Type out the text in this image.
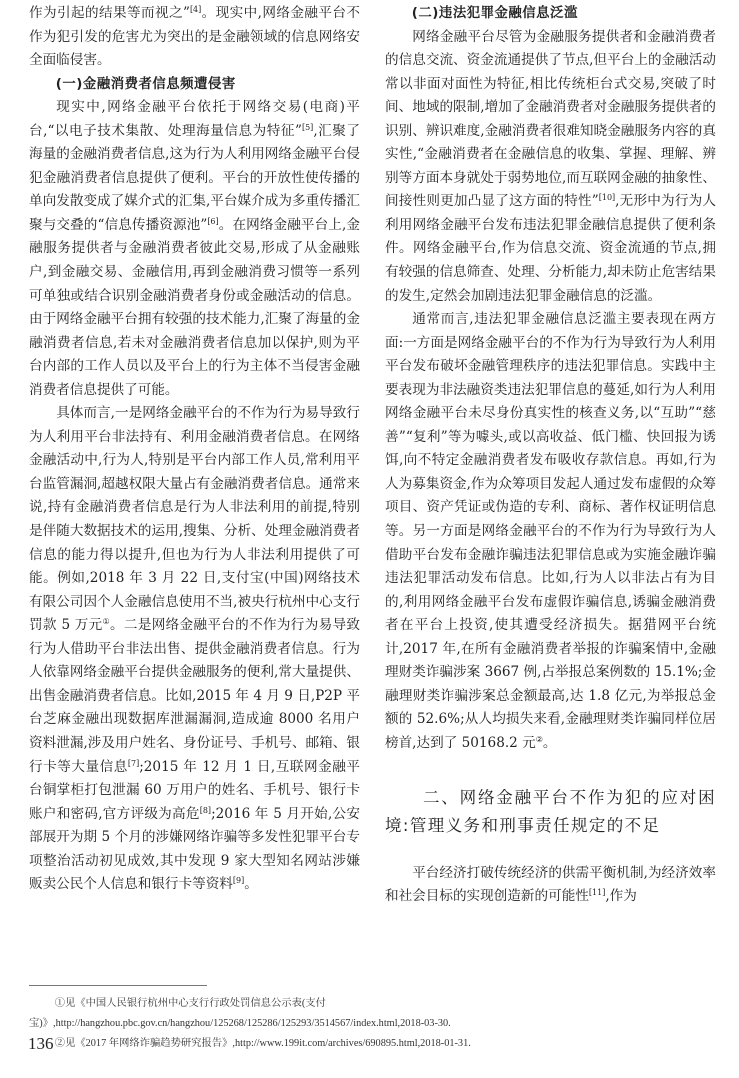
作为引起的结果等而视之”[4]。现实中,网络金融平台不作为犯引发的危害尤为突出的是金融领域的信息网络安全面临侵害。

(一)金融消费者信息频遭侵害

现实中,网络金融平台依托于网络交易(电商)平台,“以电子技术集散、处理海量信息为特征”[5],汇聚了海量的金融消费者信息,这为行为人利用网络金融平台侵犯金融消费者信息提供了便利。平台的开放性使传播的单向发散变成了媒介式的汇集,平台媒介成为多重传播汇聚与交叠的“信息传播资源池”[6]。在网络金融平台上,金融服务提供者与金融消费者彼此交易,形成了从金融账户,到金融交易、金融信用,再到金融消费习惯等一系列可单独或结合识别金融消费者身份或金融活动的信息。由于网络金融平台拥有较强的技术能力,汇聚了海量的金融消费者信息,若未对金融消费者信息加以保护,则为平台内部的工作人员以及平台上的行为主体不当侵害金融消费者信息提供了可能。

具体而言,一是网络金融平台的不作为行为易导致行为人利用平台非法持有、利用金融消费者信息。在网络金融活动中,行为人,特别是平台内部工作人员,常利用平台监管漏洞,超越权限大量占有金融消费者信息。通常来说,持有金融消费者信息是行为人非法利用的前提,特别是伴随大数据技术的运用,搜集、分析、处理金融消费者信息的能力得以提升,但也为行为人非法利用提供了可能。例如,2018 年 3 月 22 日,支付宝(中国)网络技术有限公司因个人金融信息使用不当,被央行杭州中心支行罚款 5 万元①。二是网络金融平台的不作为行为易导致行为人借助平台非法出售、提供金融消费者信息。行为人依靠网络金融平台提供金融服务的便利,常大量提供、出售金融消费者信息。比如,2015 年 4 月 9 日,P2P 平台芝麻金融出现数据库泄漏漏洞,造成逾 8000 名用户资料泄漏,涉及用户姓名、身份证号、手机号、邮箱、银行卡等大量信息[7];2015 年 12 月 1 日,互联网金融平台铜掌柜打包泄漏 60 万用户的姓名、手机号、银行卡账户和密码,官方评级为高危[8];2016 年 5 月开始,公安部展开为期 5 个月的涉嫌网络诈骗等多发性犯罪平台专项整治活动初见成效,其中发现 9 家大型知名网站涉嫌贩卖公民个人信息和银行卡等资料[9]。

(二)违法犯罪金融信息泛滥

网络金融平台尽管为金融服务提供者和金融消费者的信息交流、资金流通提供了节点,但平台上的金融活动常以非面对面性为特征,相比传统柜台式交易,突破了时间、地域的限制,增加了金融消费者对金融服务提供者的识别、辨识难度,金融消费者很难知晓金融服务内容的真实性,“金融消费者在金融信息的收集、掌握、理解、辨别等方面本身就处于弱势地位,而互联网金融的抽象性、间接性则更加凸显了这方面的特性”[10],无形中为行为人利用网络金融平台发布违法犯罪金融信息提供了便利条件。网络金融平台,作为信息交流、资金流通的节点,拥有较强的信息筛查、处理、分析能力,却未防止危害结果的发生,定然会加剧违法犯罪金融信息的泛滥。

通常而言,违法犯罪金融信息泛滥主要表现在两方面:一方面是网络金融平台的不作为行为导致行为人利用平台发布破坏金融管理秩序的违法犯罪信息。实践中主要表现为非法融资类违法犯罪信息的蔓延,如行为人利用网络金融平台未尽身份真实性的核查义务,以“互助”“慈善”“复利”等为噱头,或以高收益、低门槛、快回报为诱饵,向不特定金融消费者发布吸收存款信息。再如,行为人为募集资金,作为众筹项目发起人通过发布虚假的众筹项目、资产凭证或伪造的专利、商标、著作权证明信息等。另一方面是网络金融平台的不作为行为导致行为人借助平台发布金融诈骗违法犯罪信息或为实施金融诈骗违法犯罪活动发布信息。比如,行为人以非法占有为目的,利用网络金融平台发布虚假诈骗信息,诱骗金融消费者在平台上投资,使其遭受经济损失。据猎网平台统计,2017 年,在所有金融消费者举报的诈骗案情中,金融理财类诈骗涉案 3667 例,占举报总案例数的 15.1%;金融理财类诈骗涉案总金额最高,达 1.8 亿元,为举报总金额的 52.6%;从人均损失来看,金融理财类诈骗同样位居榜首,达到了 50168.2 元②。

二、网络金融平台不作为犯的应对困境:管理义务和刑事责任规定的不足

平台经济打破传统经济的供需平衡机制,为经济效率和社会目标的实现创造新的可能性[11],作为

①见《中国人民银行杭州中心支行行政处罚信息公示表(支付宝)》,http://hangzhou.pbc.gov.cn/hangzhou/125268/125286/125293/3514567/index.html,2018-03-30.

②见《2017 年网络诈骗趋势研究报告》,http://www.199it.com/archives/690895.html,2018-01-31.

136
